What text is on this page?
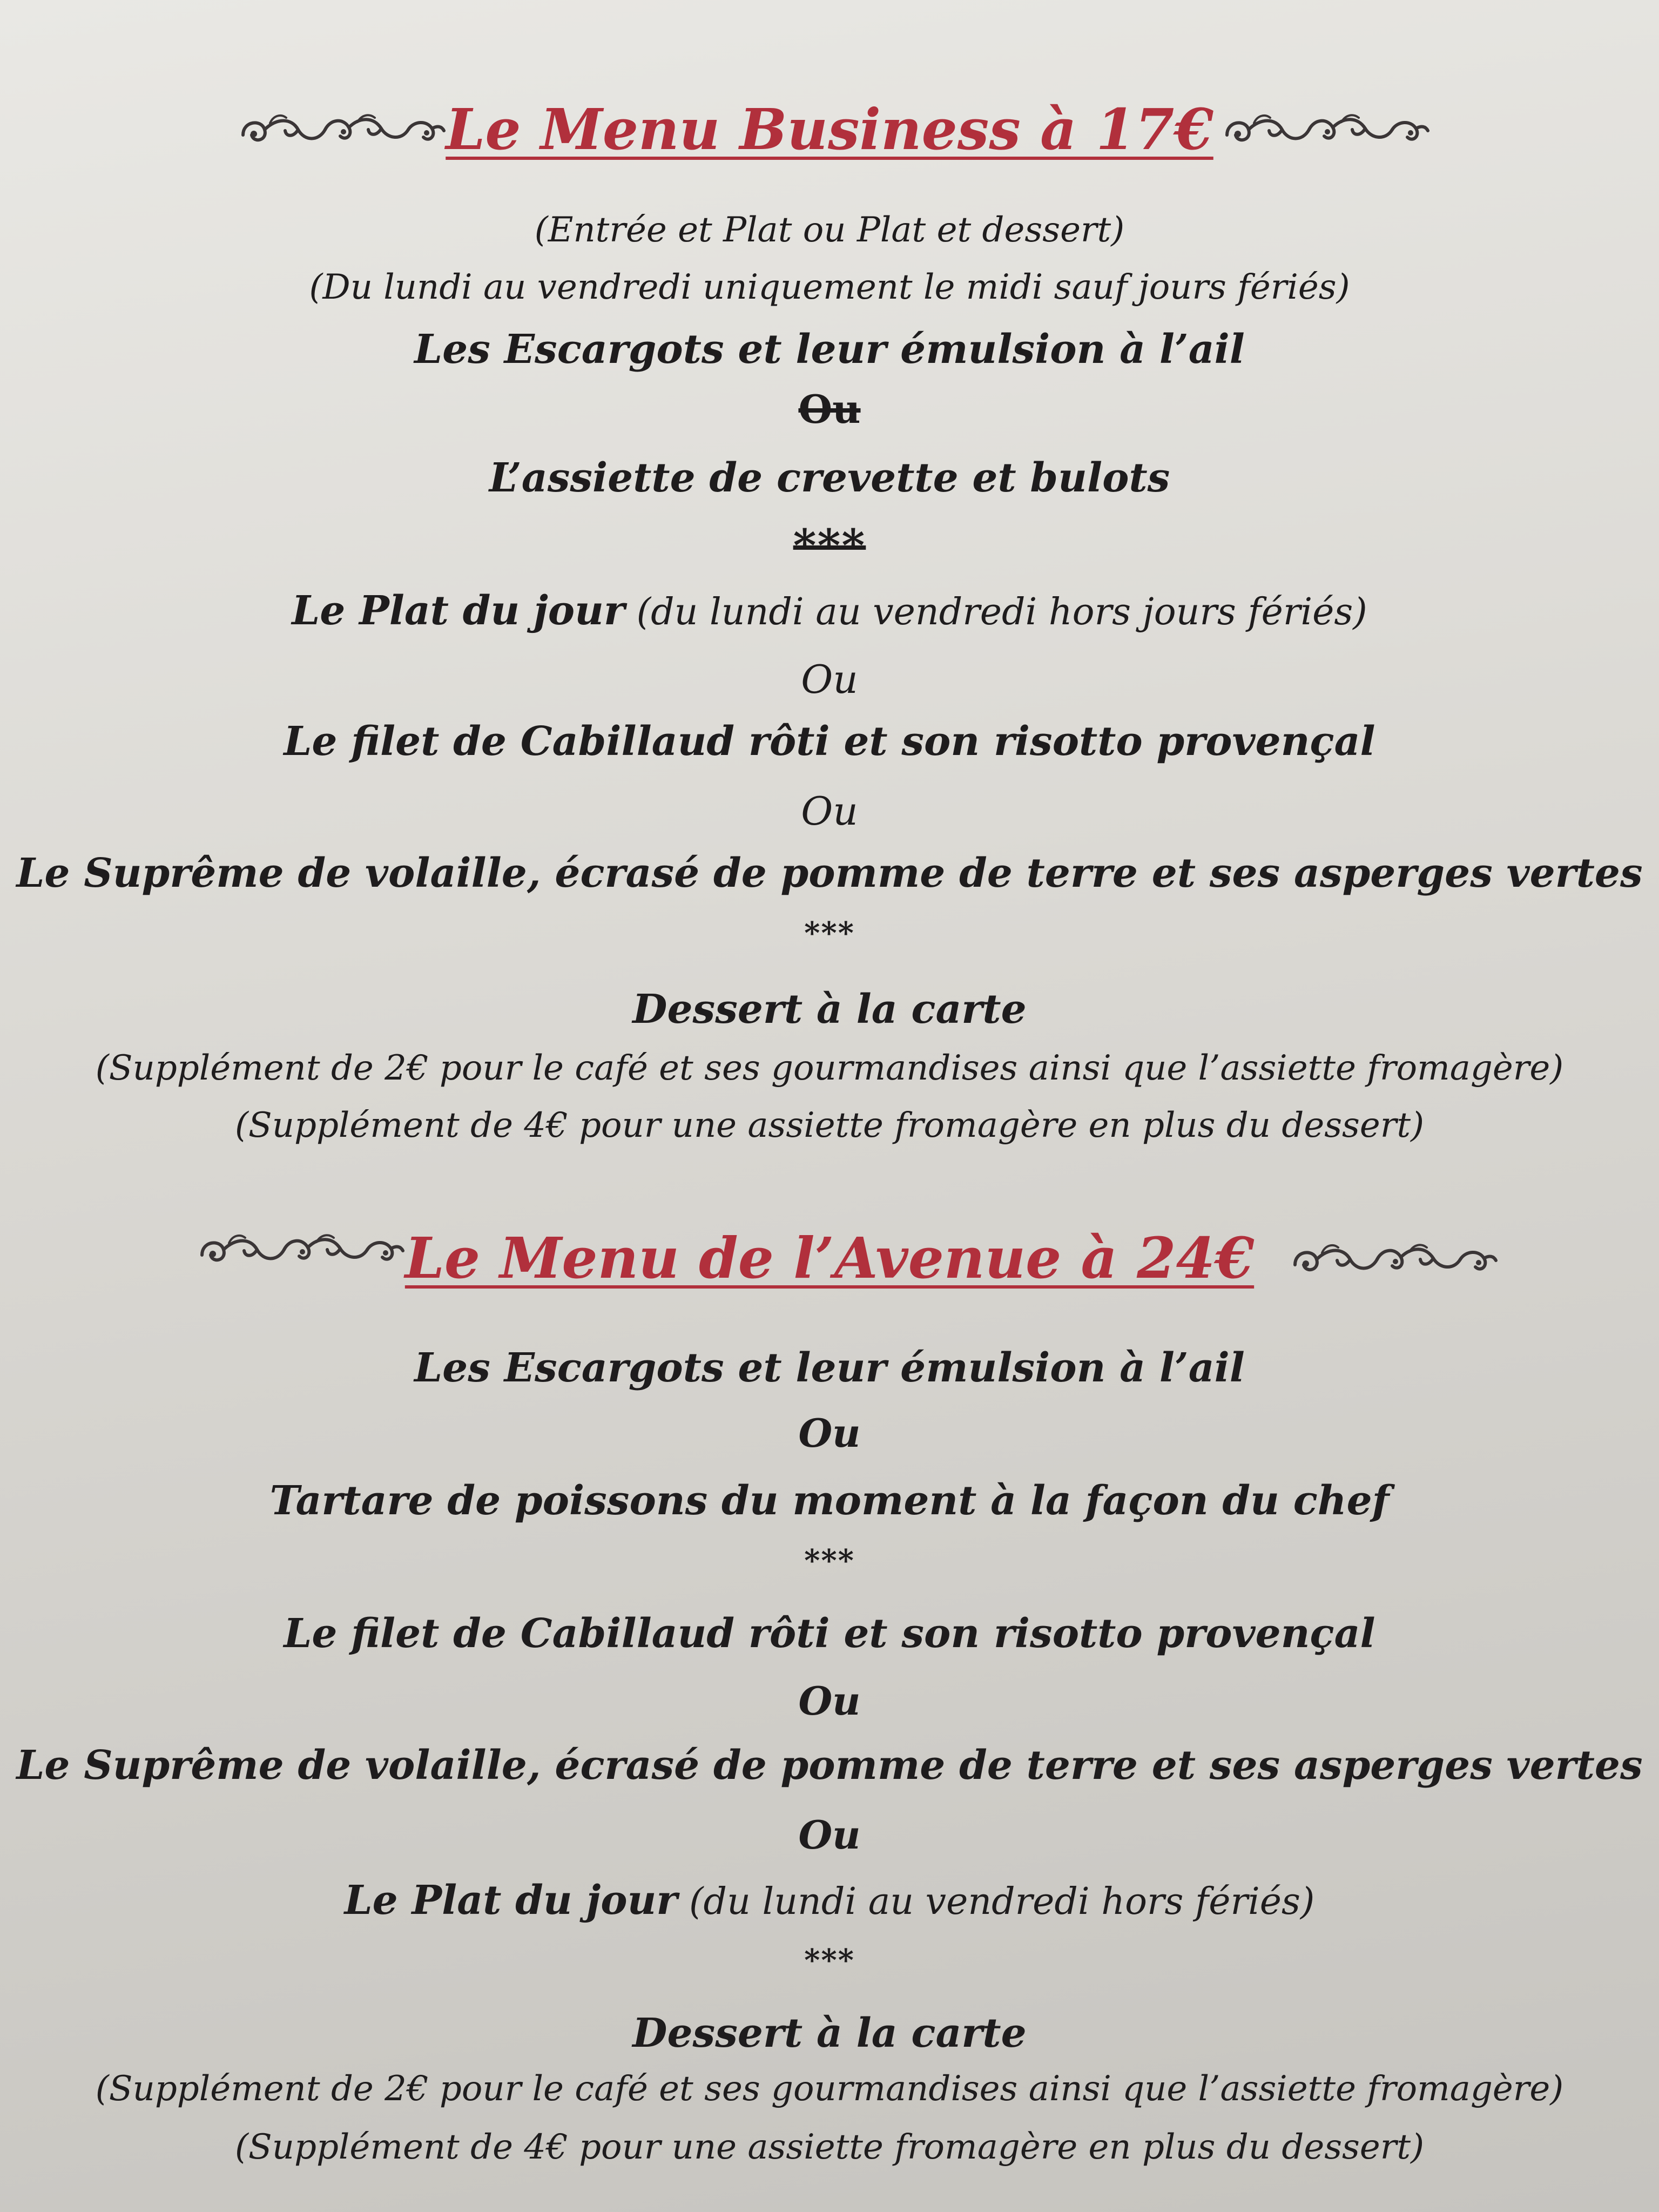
Le Menu Business à 17€
(Entrée et Plat ou Plat et dessert)
(Du lundi au vendredi uniquement le midi sauf jours fériés)
Les Escargots et leur émulsion à l’ail
Ou
L’assiette de crevette et bulots
***
Le Plat du jour (du lundi au vendredi hors jours fériés)
Ou
Le filet de Cabillaud rôti et son risotto provençal
Ou
Le Suprême de volaille, écrasé de pomme de terre et ses asperges vertes
***
Dessert à la carte
(Supplément de 2€ pour le café et ses gourmandises ainsi que l’assiette fromagère)
(Supplément de 4€ pour une assiette fromagère en plus du dessert)
Le Menu de l’Avenue à 24€
Les Escargots et leur émulsion à l’ail
Ou
Tartare de poissons du moment à la façon du chef
***
Le filet de Cabillaud rôti et son risotto provençal
Ou
Le Suprême de volaille, écrasé de pomme de terre et ses asperges vertes
Ou
Le Plat du jour (du lundi au vendredi hors fériés)
***
Dessert à la carte
(Supplément de 2€ pour le café et ses gourmandises ainsi que l’assiette fromagère)
(Supplément de 4€ pour une assiette fromagère en plus du dessert)
